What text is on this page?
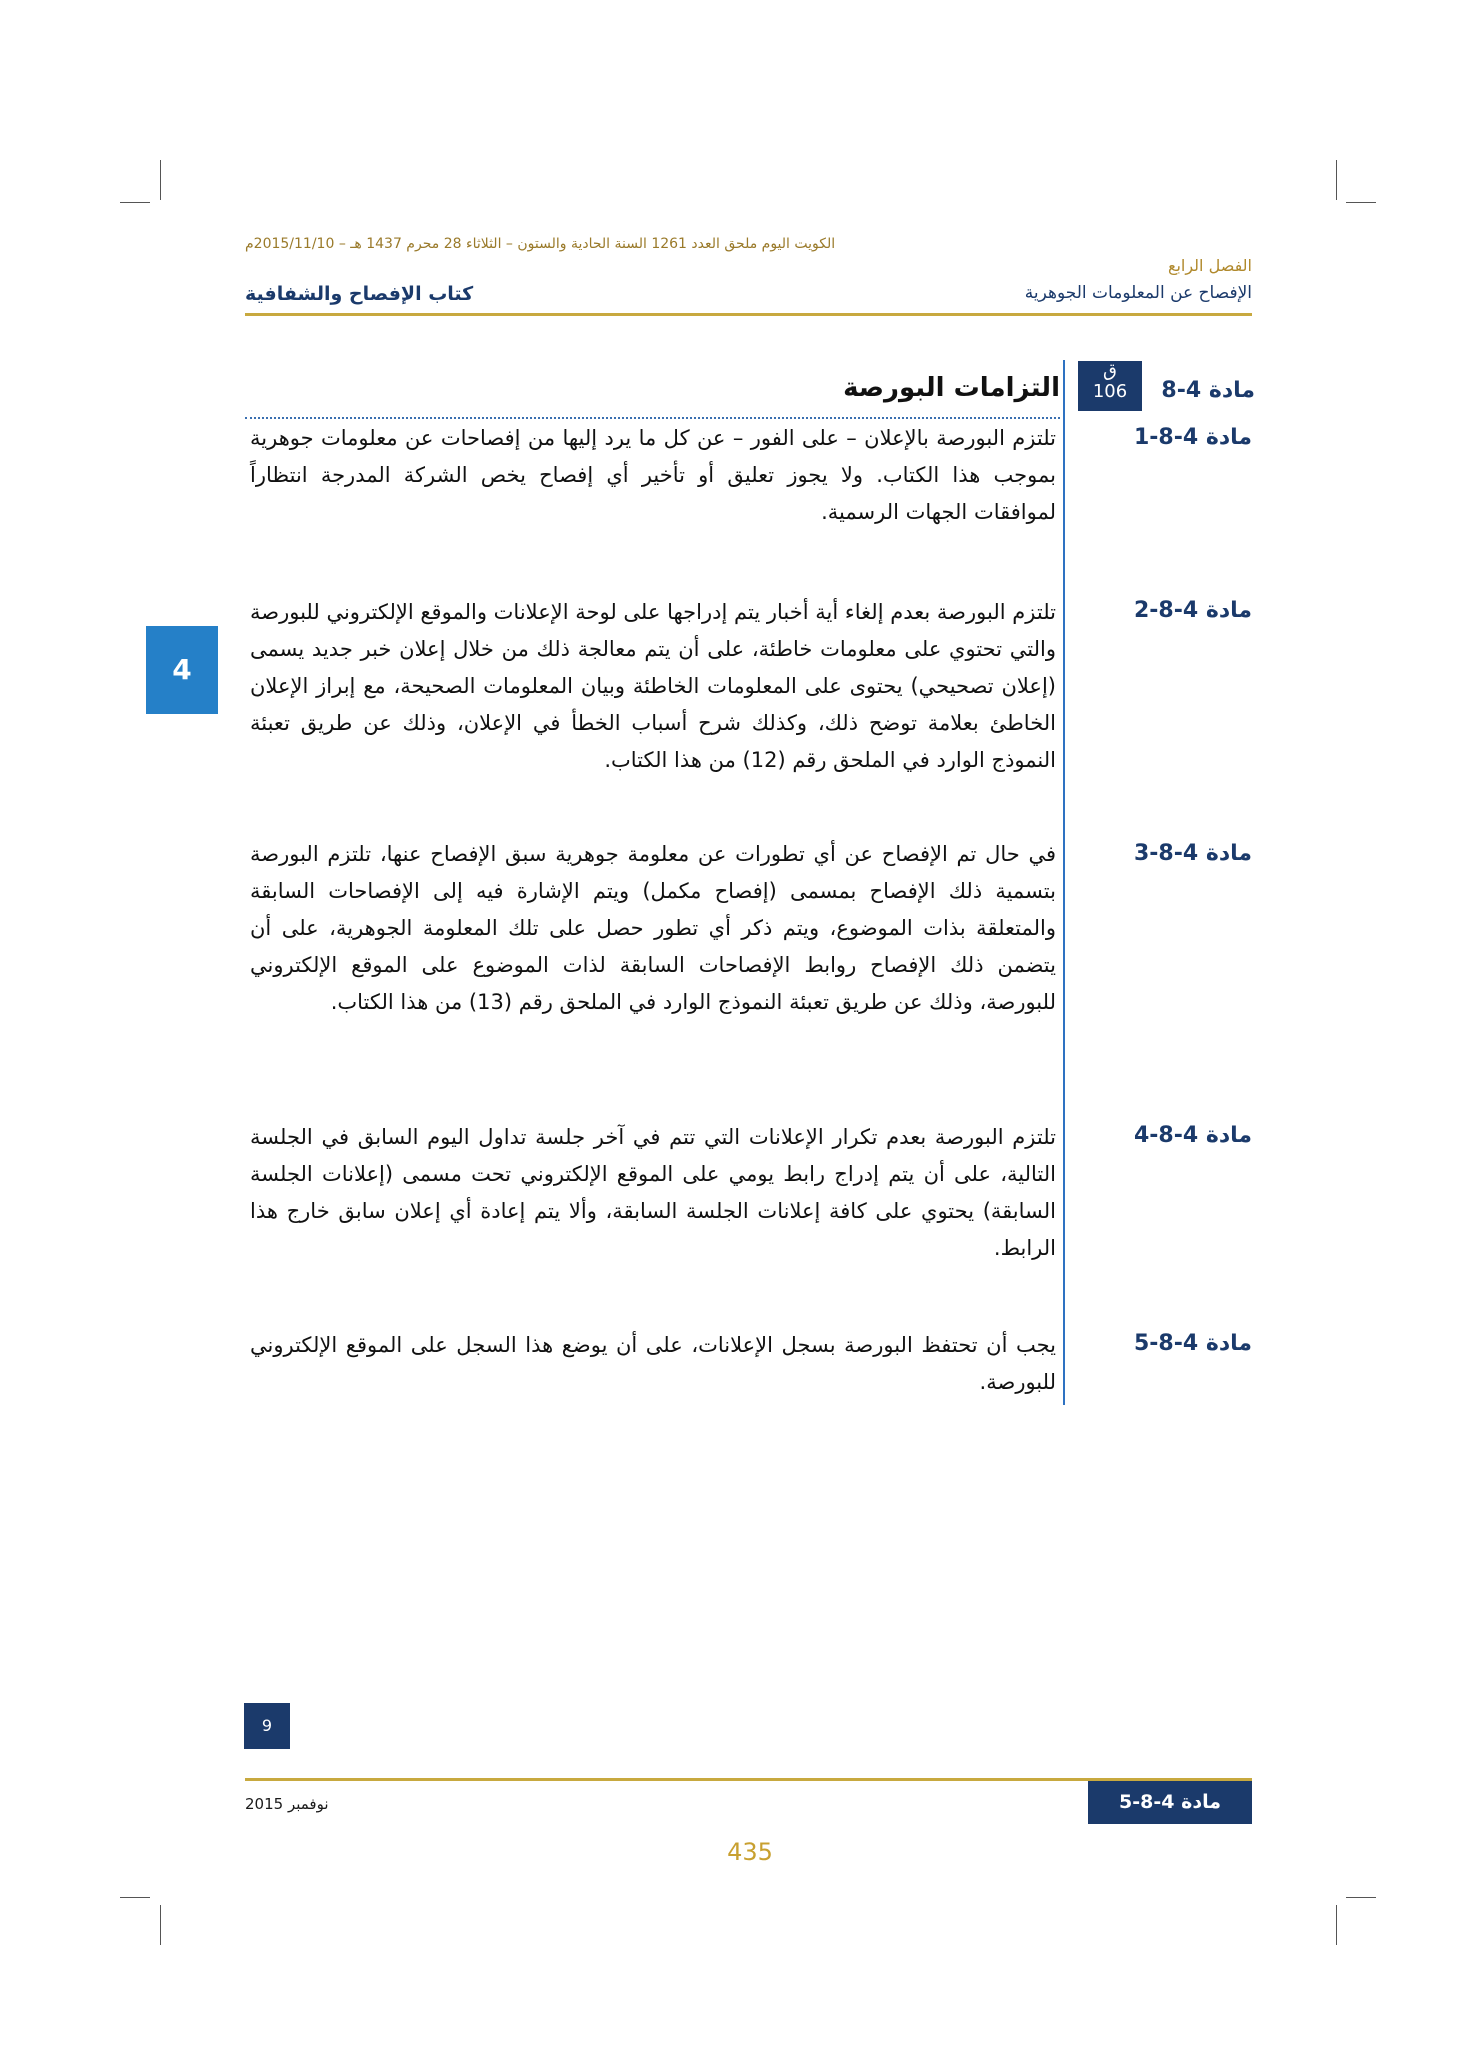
الكويت اليوم ملحق العدد 1261 السنة الحادية والستون – الثلاثاء 28 محرم 1437 هـ – 2015/11/10م
الفصل الرابع
الإفصاح عن المعلومات الجوهرية
كتاب الإفصاح والشفافية
ق
106	مادة 4-8
التزامات البورصة
مادة 4-8-1
تلتزم البورصة بالإعلان – على الفور – عن كل ما يرد إليها من إفصاحات عن معلومات جوهرية بموجب هذا الكتاب. ولا يجوز تعليق أو تأخير أي إفصاح يخص الشركة المدرجة انتظاراً لموافقات الجهات الرسمية.
مادة 4-8-2
تلتزم البورصة بعدم إلغاء أية أخبار يتم إدراجها على لوحة الإعلانات والموقع الإلكتروني للبورصة والتي تحتوي على معلومات خاطئة، على أن يتم معالجة ذلك من خلال إعلان خبر جديد يسمى (إعلان تصحيحي) يحتوى على المعلومات الخاطئة وبيان المعلومات الصحيحة، مع إبراز الإعلان الخاطئ بعلامة توضح ذلك، وكذلك شرح أسباب الخطأ في الإعلان، وذلك عن طريق تعبئة النموذج الوارد في الملحق رقم (12) من هذا الكتاب.
مادة 4-8-3
في حال تم الإفصاح عن أي تطورات عن معلومة جوهرية سبق الإفصاح عنها، تلتزم البورصة بتسمية ذلك الإفصاح بمسمى (إفصاح مكمل) ويتم الإشارة فيه إلى الإفصاحات السابقة والمتعلقة بذات الموضوع، ويتم ذكر أي تطور حصل على تلك المعلومة الجوهرية، على أن يتضمن ذلك الإفصاح روابط الإفصاحات السابقة لذات الموضوع على الموقع الإلكتروني للبورصة، وذلك عن طريق تعبئة النموذج الوارد في الملحق رقم (13) من هذا الكتاب.
مادة 4-8-4
تلتزم البورصة بعدم تكرار الإعلانات التي تتم في آخر جلسة تداول اليوم السابق في الجلسة التالية، على أن يتم إدراج رابط يومي على الموقع الإلكتروني تحت مسمى (إعلانات الجلسة السابقة) يحتوي على كافة إعلانات الجلسة السابقة، وألا يتم إعادة أي إعلان سابق خارج هذا الرابط.
مادة 4-8-5
يجب أن تحتفظ البورصة بسجل الإعلانات، على أن يوضع هذا السجل على الموقع الإلكتروني للبورصة.
4
9
نوفمبر 2015	مادة 4-8-5
435
